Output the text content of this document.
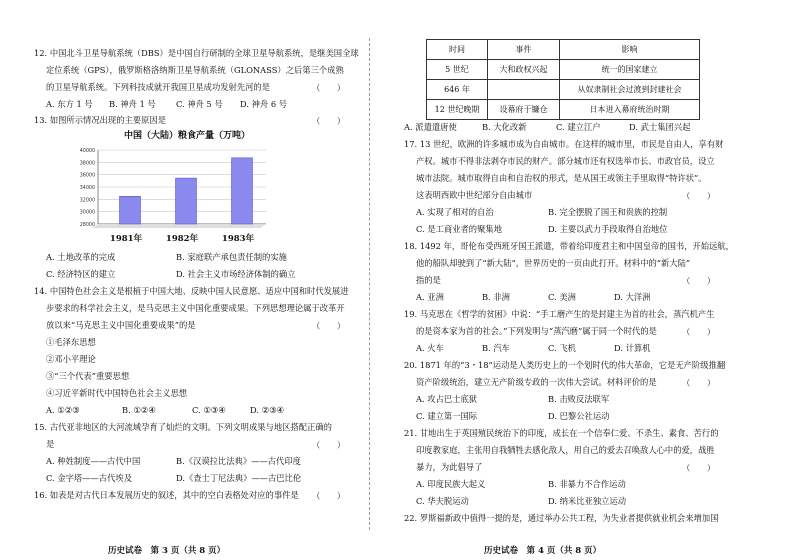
12. 中国北斗卫星导航系统（DBS）是中国自行研制的全球卫星导航系统，是继美国全球
定位系统（GPS），俄罗斯格洛纳斯卫星导航系统（GLONASS）之后第三个成熟
的卫星导航系统。下列科技成就开我国卫星成功发射先河的是	（　　）
A. 东方 1 号 B. 神舟 1 号 C. 神舟 5 号 D. 神舟 6 号
13. 如图所示情况出现的主要原因是	（　　）
中国（大陆）粮食产量（万吨）
40000
38000
36000
34000
32000
30000
28000
1981年	1982年	1983年
A. 土地改革的完成	B. 家庭联产承包责任制的实施
C. 经济特区的建立	D. 社会主义市场经济体制的确立
14. 中国特色社会主义是根植于中国大地、反映中国人民意愿、适应中国和时代发展进
步要求的科学社会主义，是马克思主义中国化重要成果。下列思想理论属于改革开
放以来“马克思主义中国化重要成果”的是	（　　）
①毛泽东思想
②邓小平理论
③“三个代表”重要思想
④习近平新时代中国特色社会主义思想
A. ①②③	B. ①②④	C. ①③④	D. ②③④
15. 古代亚非地区的大河流域孕育了灿烂的文明。下列文明成果与地区搭配正确的
是	（　　）
A. 种姓制度——古代中国	B.《汉谟拉比法典》——古代印度
C. 金字塔——古代埃及	D.《查士丁尼法典》——古巴比伦
16. 如表是对古代日本发展历史的叙述，其中的空白表格处对应的事件是 （　　）
历史试卷　第 3 页（共 8 页）
时间	事件	影响
5 世纪	大和政权兴起	统一的国家建立
646 年		从奴隶制社会过渡到封建社会
12 世纪晚期	设幕府于镰仓	日本进入幕府统治时期
A. 派遣遣唐使	B. 大化改新	C. 建立江户	D. 武士集团兴起
17. 13 世纪，欧洲的许多城市成为自由城市。在这样的城市里，市民是自由人，享有财
产权。城市不得非法剥夺市民的财产。部分城市还有权选举市长、市政官员，设立
城市法院。城市取得自由和自治权的形式，是从国王或领主手里取得“特许状”。
这表明西欧中世纪部分自由城市	（　　）
A. 实现了相对的自治	B. 完全摆脱了国王和贵族的控制
C. 是工商业者的聚集地	D. 主要以武力手段取得自治地位
18. 1492 年，哥伦布受西班牙国王派遣，带着给印度君主和中国皇帝的国书，开始远航，
他的船队却驶到了“新大陆”，世界历史的一页由此打开。材料中的“新大陆”
指的是	（　　）
A. 亚洲	B. 非洲	C. 美洲	D. 大洋洲
19. 马克思在《哲学的贫困》中说：“手工磨产生的是封建主为首的社会，蒸汽机产生
的是资本家为首的社会。”下列发明与“蒸汽磨”属于同一个时代的是	（　　）
A. 火车	B. 汽车	C. 飞机	D. 计算机
20. 1871 年的“3・18”运动是人类历史上的一个划时代的伟大革命，它是无产阶级推翻
资产阶级统治，建立无产阶级专政的一次伟大尝试。材料评价的是	（　　）
A. 攻占巴士底狱	B. 击败反法联军
C. 建立第一国际	D. 巴黎公社运动
21. 甘地出生于英国殖民统治下的印度，成长在一个信奉仁爱、不杀生、素食、苦行的
印度教家庭，主张用自我牺牲去感化敌人，用自己的爱去召唤敌人心中的爱，战胜
暴力，为此倡导了	（　　）
A. 印度民族大起义	B. 非暴力不合作运动
C. 华夫脱运动	D. 纳米比亚独立运动
22. 罗斯福新政中值得一提的是，通过举办公共工程，为失业者提供就业机会来增加国
历史试卷　第 4 页（共 8 页）
